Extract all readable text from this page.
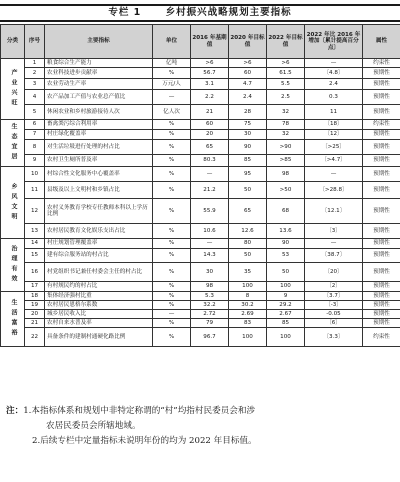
专栏 1	乡村振兴战略规划主要指标
分类	序号	主要指标	单位	2016 年基期值	2020 年目标值	2022 年目标值	2022 年比 2016 年增加〔累计提高百分点〕	属性
产业兴旺	1	粮食综合生产能力	亿吨	>6	>6	>6	—	约束性
	2	农业科技进步贡献率	%	56.7	60	61.5	〔4.8〕	预期性
	3	农业劳动生产率	万元/人	3.1	4.7	5.5	2.4	预期性
	4	农产品加工产值与农业总产值比	—	2.2	2.4	2.5	0.3	预期性
	5	休闲农业和乡村旅游接待人次	亿人次	21	28	32	11	预期性
生态宜居	6	畜禽粪污综合利用率	%	60	75	78	〔18〕	约束性
	7	村庄绿化覆盖率	%	20	30	32	〔12〕	预期性
	8	对生活垃圾进行处理的村占比	%	65	90	>90	〔>25〕	预期性
	9	农村卫生厕所普及率	%	80.3	85	>85	〔>4.7〕	预期性
乡风文明	10	村综合性文化服务中心覆盖率	%	—	95	98	—	预期性
	11	县级及以上文明村和乡镇占比	%	21.2	50	>50	〔>28.8〕	预期性
	12	农村义务教育学校专任教师本科以上学历比例	%	55.9	65	68	〔12.1〕	预期性
	13	农村居民教育文化娱乐支出占比	%	10.6	12.6	13.6	〔3〕	预期性
治理有效	14	村庄规划管理覆盖率	%	—	80	90	—	预期性
	15	建有综合服务站的村占比	%	14.3	50	53	〔38.7〕	预期性
	16	村党组织书记兼任村委会主任的村占比	%	30	35	50	〔20〕	预期性
	17	有村规民约的村占比	%	98	100	100	〔2〕	预期性
生活富裕	18	集体经济强村比重	%	5.3	8	9	〔3.7〕	预期性
	19	农村居民恩格尔系数	%	32.2	30.2	29.2	〔-3〕	预期性
	20	城乡居民收入比	—	2.72	2.69	2.67	-0.05	预期性
	21	农村自来水普及率	%	79	83	85	〔6〕	预期性
	22	具备条件的建制村通硬化路比例	%	96.7	100	100	〔3.3〕	约束性
注：1.本指标体系和规划中非特定称谓的“村”均指村民委员会和涉
农居民委员会所辖地域。
2.后续专栏中定量指标未说明年份的均为 2022 年目标值。
